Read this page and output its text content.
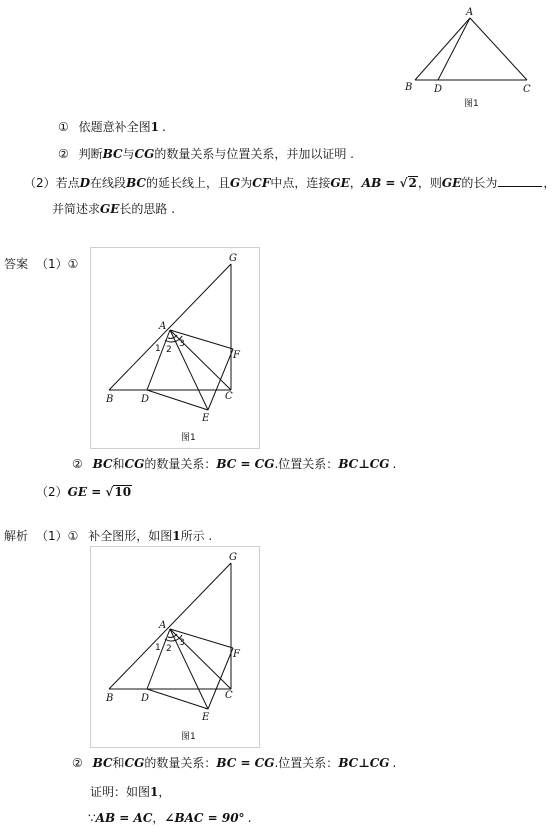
A
B D	C
图1
① 依题意补全图1 .
② 判断BC与CG的数量关系与位置关系，并加以证明 .
（2）若点D在线段BC的延长线上，且G为CF中点，连接GE，AB = √2，则GE的长为	，
并简述求GE长的思路 .
答案 （1）①	G
A
F
B	D	C
E
1 2
3
图1
② BC和CG的数量关系：BC = CG.位置关系：BC⊥CG .
（2）GE = √10
解析 （1）① 补全图形，如图1所示 .
G
A
F
B	D	C
E
1 2
3
图1
② BC和CG的数量关系：BC = CG.位置关系：BC⊥CG .
证明：如图1，
∵AB = AC，∠BAC = 90° .
